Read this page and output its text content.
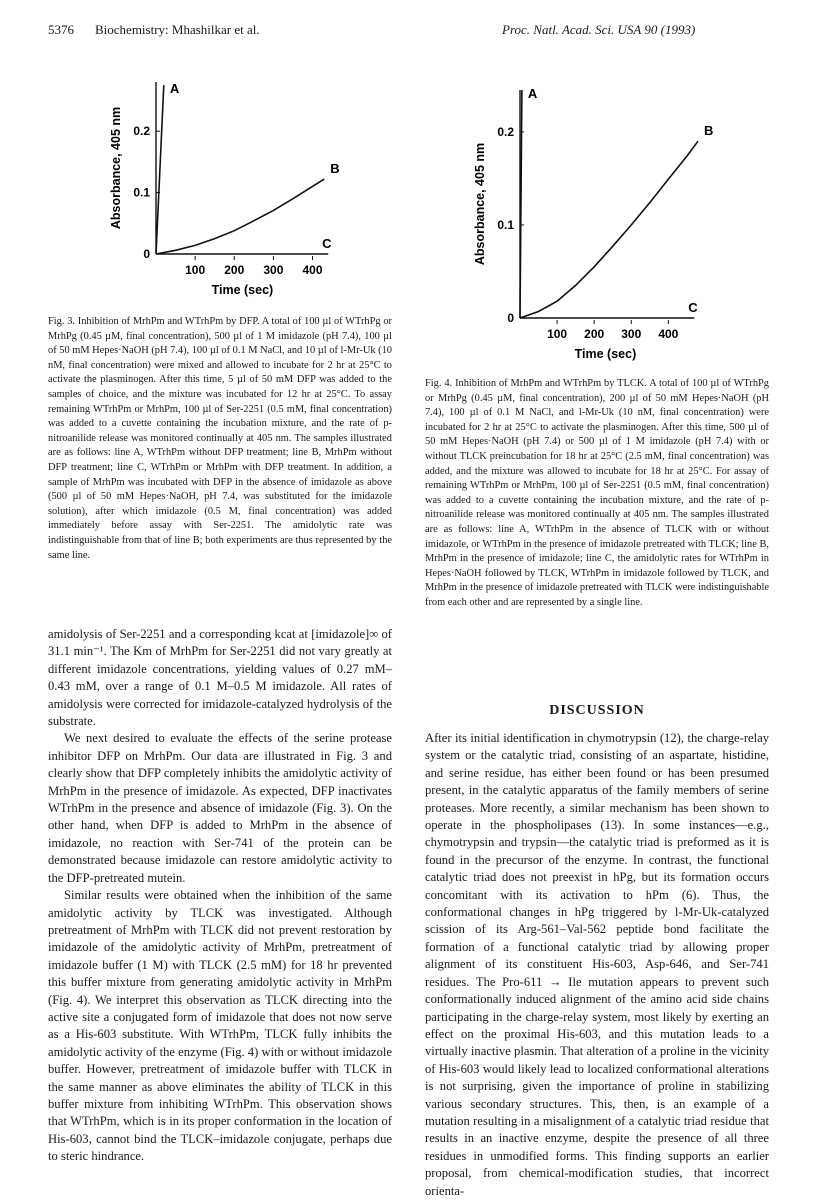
5376 Biochemistry: Mhashilkar et al.	Proc. Natl. Acad. Sci. USA 90 (1993)
100 200 300 400
0
0.1
0.2
Time (sec)
Absorbance, 405 nm
A
B
C

Fig. 3. Inhibition of MrhPm and WTrhPm by DFP. A total of 100 µl of WTrhPg or MrhPg (0.45 µM, final concentration), 500 µl of 1 M imidazole (pH 7.4), 100 µl of 50 mM Hepes·NaOH (pH 7.4), 100 µl of 0.1 M NaCl, and 10 µl of l-Mr-Uk (10 nM, final concentration) were mixed and allowed to incubate for 2 hr at 25°C to activate the plasminogen. After this time, 5 µl of 50 mM DFP was added to the samples of choice, and the mixture was incubated for 12 hr at 25°C. To assay remaining WTrhPm or MrhPm, 100 µl of Ser-2251 (0.5 mM, final concentration) was added to a cuvette containing the incubation mixture, and the rate of p-nitroanilide release was monitored continually at 405 nm. The samples illustrated are as follows: line A, WTrhPm without DFP treatment; line B, MrhPm without DFP treatment; line C, WTrhPm or MrhPm with DFP treatment. In addition, a sample of MrhPm was incubated with DFP in the absence of imidazole as above (500 µl of 50 mM Hepes·NaOH, pH 7.4, was substituted for the imidazole solution), after which imidazole (0.5 M, final concentration) was added immediately before assay with Ser-2251. The amidolytic rate was indistinguishable from that of line B; both experiments are thus represented by the same line.

amidolysis of Ser-2251 and a corresponding kcat at [imidazole]∞ of 31.1 min⁻¹. The Km of MrhPm for Ser-2251 did not vary greatly at different imidazole concentrations, yielding values of 0.27 mM–0.43 mM, over a range of 0.1 M–0.5 M imidazole. All rates of amidolysis were corrected for imidazole-catalyzed hydrolysis of the substrate.

We next desired to evaluate the effects of the serine protease inhibitor DFP on MrhPm. Our data are illustrated in Fig. 3 and clearly show that DFP completely inhibits the amidolytic activity of MrhPm in the presence of imidazole. As expected, DFP inactivates WTrhPm in the presence and absence of imidazole (Fig. 3). On the other hand, when DFP is added to MrhPm in the absence of imidazole, no reaction with Ser-741 of the protein can be demonstrated because imidazole can restore amidolytic activity to the DFP-pretreated mutein.

Similar results were obtained when the inhibition of the same amidolytic activity by TLCK was investigated. Although pretreatment of MrhPm with TLCK did not prevent restoration by imidazole of the amidolytic activity of MrhPm, pretreatment of imidazole buffer (1 M) with TLCK (2.5 mM) for 18 hr prevented this buffer mixture from generating amidolytic activity in MrhPm (Fig. 4). We interpret this observation as TLCK directing into the active site a conjugated form of imidazole that does not now serve as a His-603 substitute. With WTrhPm, TLCK fully inhibits the amidolytic activity of the enzyme (Fig. 4) with or without imidazole buffer. However, pretreatment of imidazole buffer with TLCK in the same manner as above eliminates the ability of TLCK in this buffer mixture from inhibiting WTrhPm. This observation shows that WTrhPm, which is in its proper conformation in the location of His-603, cannot bind the TLCK–imidazole conjugate, perhaps due to steric hindrance.

100 200 300 400
0
0.1
0.2
Time (sec)
Absorbance, 405 nm
A
B
C

Fig. 4. Inhibition of MrhPm and WTrhPm by TLCK. A total of 100 µl of WTrhPg or MrhPg (0.45 µM, final concentration), 200 µl of 50 mM Hepes·NaOH (pH 7.4), 100 µl of 0.1 M NaCl, and l-Mr-Uk (10 nM, final concentration) were incubated for 2 hr at 25°C to activate the plasminogen. After this time, 500 µl of 50 mM Hepes·NaOH (pH 7.4) or 500 µl of 1 M imidazole (pH 7.4) with or without TLCK preincubation for 18 hr at 25°C (2.5 mM, final concentration) was added, and the mixture was allowed to incubate for 18 hr at 25°C. For assay of remaining WTrhPm or MrhPm, 100 µl of Ser-2251 (0.5 mM, final concentration) was added to a cuvette containing the incubation mixture, and the rate of p-nitroanilide release was monitored continually at 405 nm. The samples illustrated are as follows: line A, WTrhPm in the absence of TLCK with or without imidazole, or WTrhPm in the presence of imidazole pretreated with TLCK; line B, MrhPm in the presence of imidazole; line C, the amidolytic rates for WTrhPm in Hepes·NaOH followed by TLCK, WTrhPm in imidazole followed by TLCK, and MrhPm in the presence of imidazole pretreated with TLCK were indistinguishable from each other and are represented by a single line.

DISCUSSION

After its initial identification in chymotrypsin (12), the charge-relay system or the catalytic triad, consisting of an aspartate, histidine, and serine residue, has either been found or has been presumed present, in the catalytic apparatus of the family members of serine proteases. More recently, a similar mechanism has been shown to operate in the phospholipases (13). In some instances—e.g., chymotrypsin and trypsin—the catalytic triad is preformed as it is found in the precursor of the enzyme. In contrast, the functional catalytic triad does not preexist in hPg, but its formation occurs concomitant with its activation to hPm (6). Thus, the conformational changes in hPg triggered by l-Mr-Uk-catalyzed scission of its Arg-561–Val-562 peptide bond facilitate the formation of a functional catalytic triad by allowing proper alignment of its constituent His-603, Asp-646, and Ser-741 residues. The Pro-611 → Ile mutation appears to prevent such conformationally induced alignment of the amino acid side chains participating in the charge-relay system, most likely by exerting an effect on the proximal His-603, and this mutation leads to a virtually inactive plasmin. That alteration of a proline in the vicinity of His-603 would likely lead to localized conformational alterations is not surprising, given the importance of proline in stabilizing various secondary structures. This, then, is an example of a mutation resulting in a misalignment of a catalytic triad residue that results in an inactive enzyme, despite the presence of all three residues in unmodified forms. This finding supports an earlier proposal, from chemical-modification studies, that incorrect orienta-
